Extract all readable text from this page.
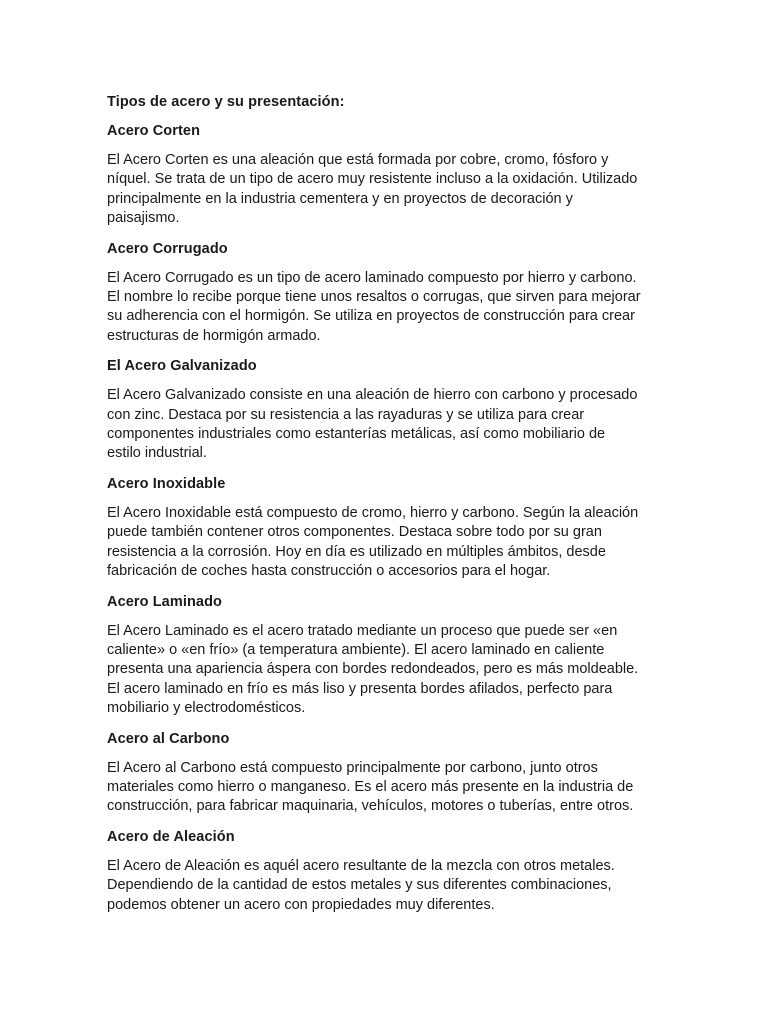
Tipos de acero y su presentación:
Acero Corten
El Acero Corten es una aleación que está formada por cobre, cromo, fósforo y
níquel. Se trata de un tipo de acero muy resistente incluso a la oxidación. Utilizado
principalmente en la industria cementera y en proyectos de decoración y
paisajismo.
Acero Corrugado
El Acero Corrugado es un tipo de acero laminado compuesto por hierro y carbono.
El nombre lo recibe porque tiene unos resaltos o corrugas, que sirven para mejorar
su adherencia con el hormigón. Se utiliza en proyectos de construcción para crear
estructuras de hormigón armado.
El Acero Galvanizado
El Acero Galvanizado consiste en una aleación de hierro con carbono y procesado
con zinc. Destaca por su resistencia a las rayaduras y se utiliza para crear
componentes industriales como estanterías metálicas, así como mobiliario de
estilo industrial.
Acero Inoxidable
El Acero Inoxidable está compuesto de cromo, hierro y carbono. Según la aleación
puede también contener otros componentes. Destaca sobre todo por su gran
resistencia a la corrosión. Hoy en día es utilizado en múltiples ámbitos, desde
fabricación de coches hasta construcción o accesorios para el hogar.
Acero Laminado
El Acero Laminado es el acero tratado mediante un proceso que puede ser «en
caliente» o «en frío» (a temperatura ambiente). El acero laminado en caliente
presenta una apariencia áspera con bordes redondeados, pero es más moldeable.
El acero laminado en frío es más liso y presenta bordes afilados, perfecto para
mobiliario y electrodomésticos.
Acero al Carbono
El Acero al Carbono está compuesto principalmente por carbono, junto otros
materiales como hierro o manganeso. Es el acero más presente en la industria de
construcción, para fabricar maquinaria, vehículos, motores o tuberías, entre otros.
Acero de Aleación
El Acero de Aleación es aquél acero resultante de la mezcla con otros metales.
Dependiendo de la cantidad de estos metales y sus diferentes combinaciones,
podemos obtener un acero con propiedades muy diferentes.
